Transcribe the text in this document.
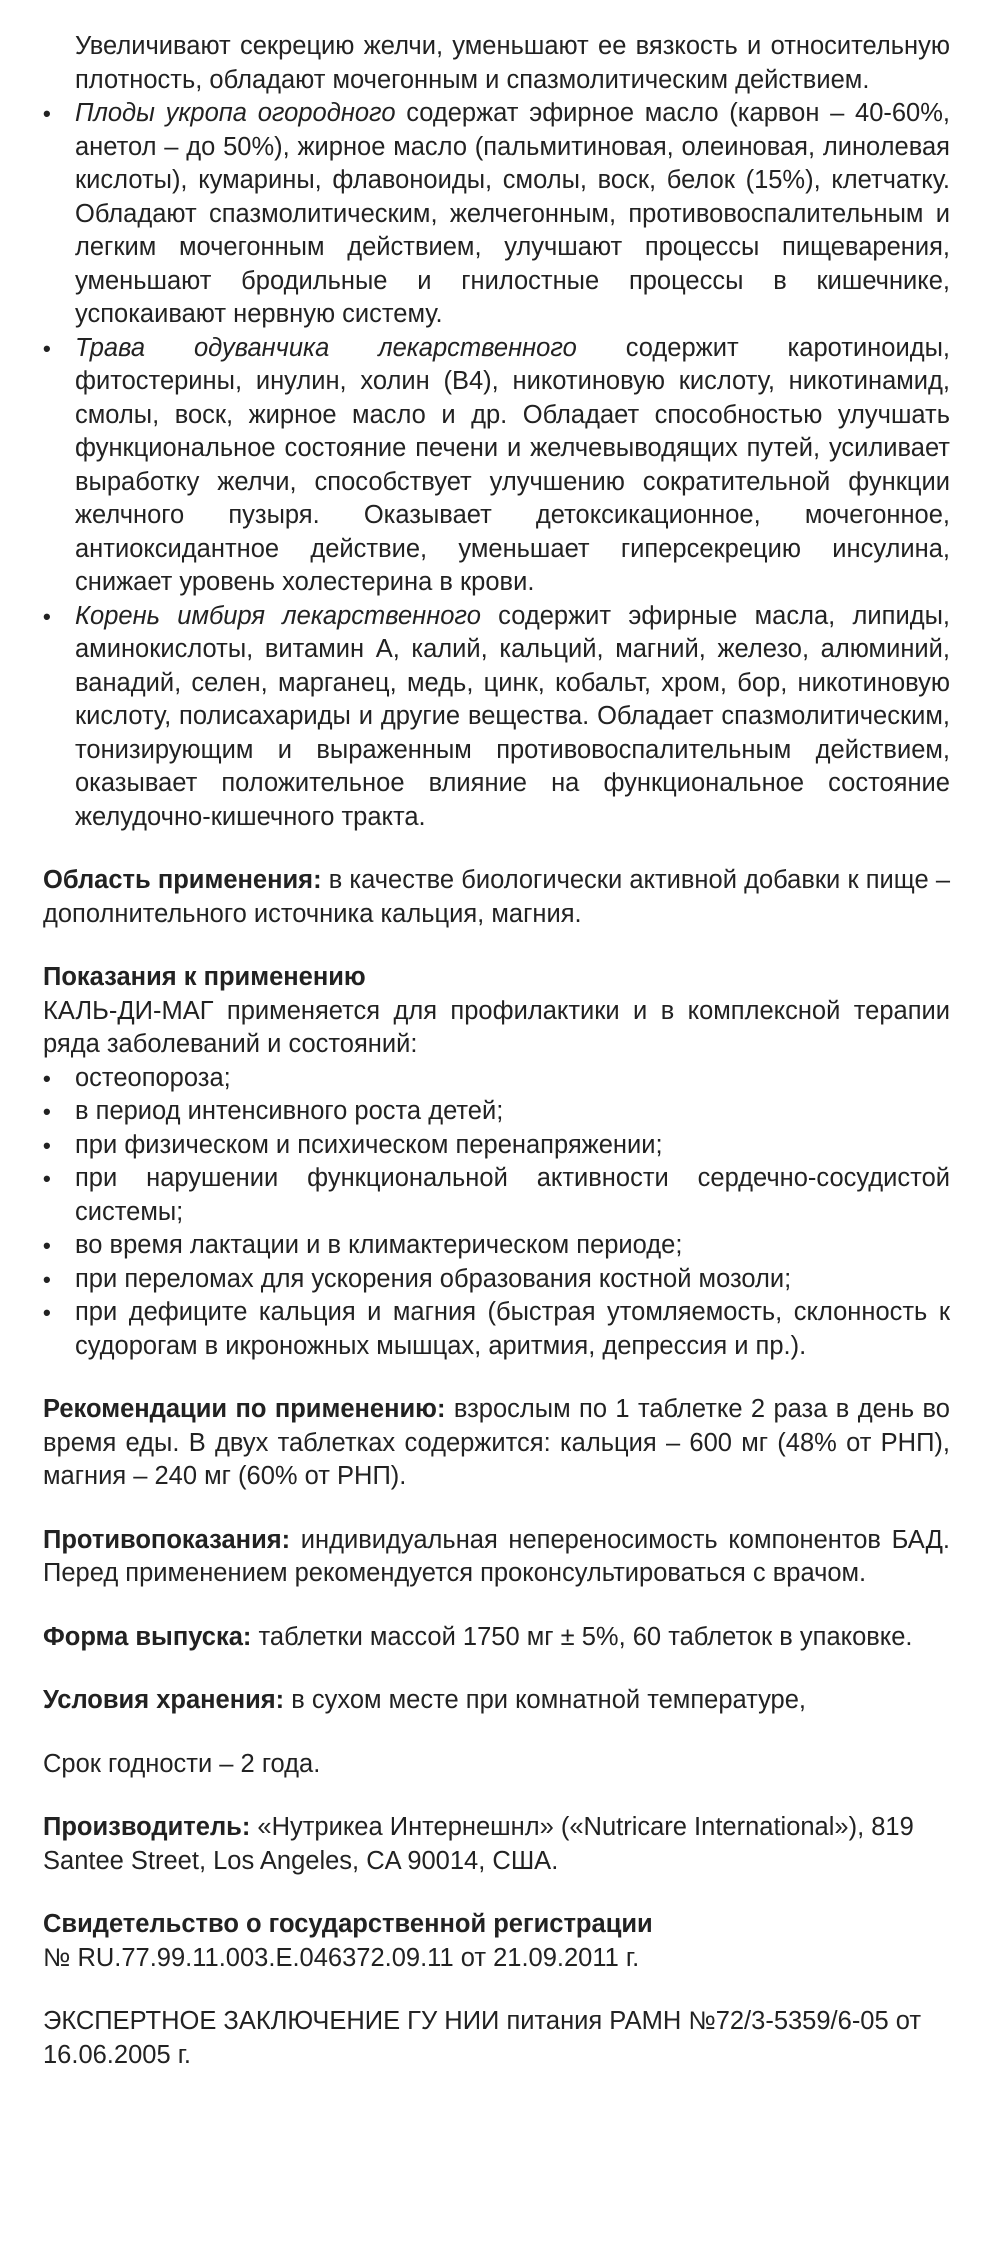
Увеличивают секрецию желчи, уменьшают ее вязкость и относительную плотность, обладают мочегонным и спазмолитическим действием.
• Плоды укропа огородного содержат эфирное масло (карвон – 40-60%, анетол – до 50%), жирное масло (пальмитиновая, олеиновая, линолевая кислоты), кумарины, флавоноиды, смолы, воск, белок (15%), клетчатку. Обладают спазмолитическим, желчегонным, противовоспалительным и легким мочегонным действием, улучшают процессы пищеварения, уменьшают бродильные и гнилостные процессы в кишечнике, успокаивают нервную систему.
• Трава одуванчика лекарственного содержит каротиноиды, фитостерины, инулин, холин (B4), никотиновую кислоту, никотинамид, смолы, воск, жирное масло и др. Обладает способностью улучшать функциональное состояние печени и желчевыводящих путей, усиливает выработку желчи, способствует улучшению сократительной функции желчного пузыря. Оказывает детоксикационное, мочегонное, антиоксидантное действие, уменьшает гиперсекрецию инсулина, снижает уровень холестерина в крови.
• Корень имбиря лекарственного содержит эфирные масла, липиды, аминокислоты, витамин А, калий, кальций, магний, железо, алюминий, ванадий, селен, марганец, медь, цинк, кобальт, хром, бор, никотиновую кислоту, полисахариды и другие вещества. Обладает спазмолитическим, тонизирующим и выраженным противовоспалительным действием, оказывает положительное влияние на функциональное состояние желудочно-кишечного тракта.
Область применения: в качестве биологически активной добавки к пище – дополнительного источника кальция, магния.
Показания к применению
КАЛЬ-ДИ-МАГ применяется для профилактики и в комплексной терапии ряда заболеваний и состояний:
• остеопороза;
• в период интенсивного роста детей;
• при физическом и психическом перенапряжении;
• при нарушении функциональной активности сердечно-сосудистой системы;
• во время лактации и в климактерическом периоде;
• при переломах для ускорения образования костной мозоли;
• при дефиците кальция и магния (быстрая утомляемость, склонность к судорогам в икроножных мышцах, аритмия, депрессия и пр.).
Рекомендации по применению: взрослым по 1 таблетке 2 раза в день во время еды. В двух таблетках содержится: кальция – 600 мг (48% от РНП), магния – 240 мг (60% от РНП).
Противопоказания: индивидуальная непереносимость компонентов БАД. Перед применением рекомендуется проконсультироваться с врачом.
Форма выпуска: таблетки массой 1750 мг ± 5%, 60 таблеток в упаковке.
Условия хранения: в сухом месте при комнатной температуре,
Срок годности – 2 года.
Производитель: «Нутрикеа Интернешнл» («Nutricare International»), 819 Santee Street, Los Angeles, CA 90014, США.
Свидетельство о государственной регистрации
№ RU.77.99.11.003.Е.046372.09.11 от 21.09.2011 г.
ЭКСПЕРТНОЕ ЗАКЛЮЧЕНИЕ ГУ НИИ питания РАМН №72/3-5359/6-05 от 16.06.2005 г.
